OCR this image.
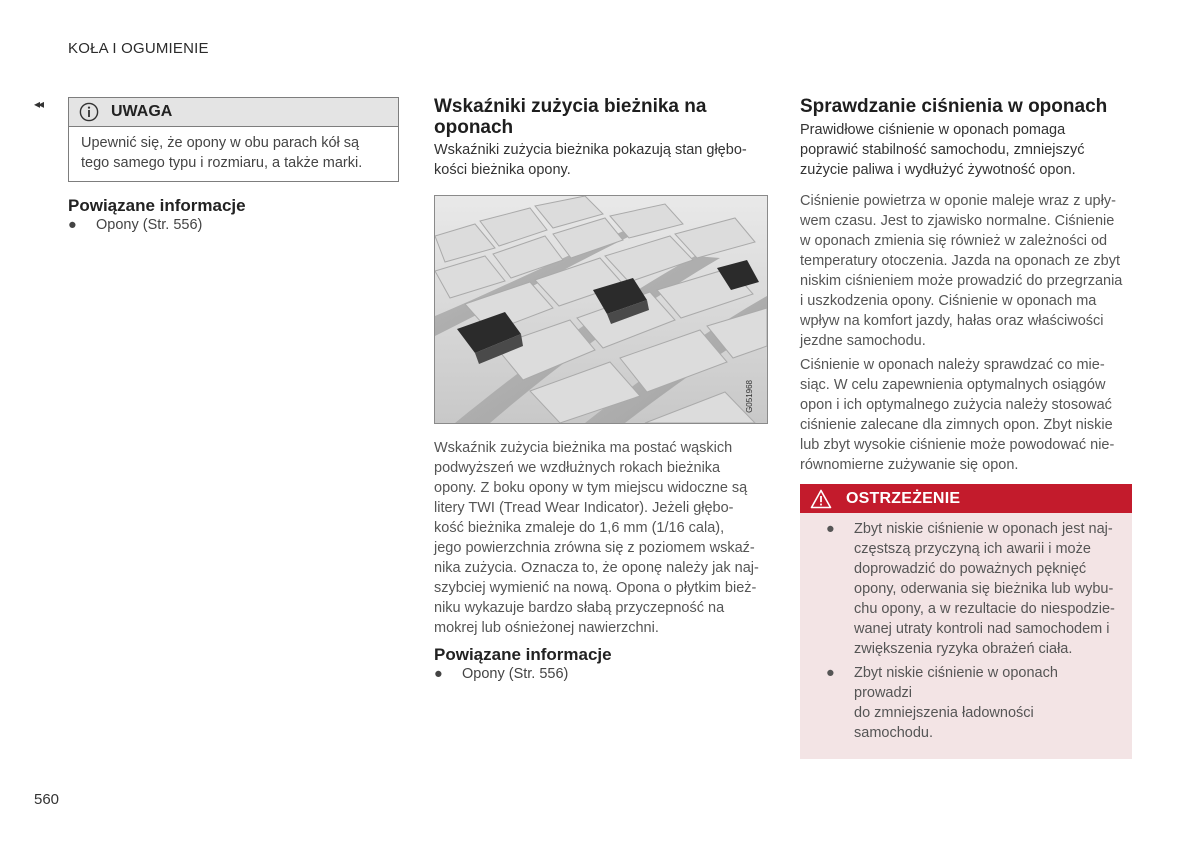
KOŁA I OGUMIENIE
◂◂
560
UWAGA
Upewnić się, że opony w obu parach kół są
tego samego typu i rozmiaru, a także marki.
Powiązane informacje
●	Opony (Str. 556)
Wskaźniki zużycia bieżnika na
oponach
Wskaźniki zużycia bieżnika pokazują stan głębo-
kości bieżnika opony.
G051968
Wskaźnik zużycia bieżnika ma postać wąskich
podwyższeń we wzdłużnych rokach bieżnika
opony. Z boku opony w tym miejscu widoczne są
litery TWI (Tread Wear Indicator). Jeżeli głębo-
kość bieżnika zmaleje do 1,6 mm (1/16 cala),
jego powierzchnia zrówna się z poziomem wskaź-
nika zużycia. Oznacza to, że oponę należy jak naj-
szybciej wymienić na nową. Opona o płytkim bież-
niku wykazuje bardzo słabą przyczepność na
mokrej lub ośnieżonej nawierzchni.
Powiązane informacje
●	Opony (Str. 556)
Sprawdzanie ciśnienia w oponach
Prawidłowe ciśnienie w oponach pomaga
poprawić stabilność samochodu, zmniejszyć
zużycie paliwa i wydłużyć żywotność opon.
Ciśnienie powietrza w oponie maleje wraz z upły-
wem czasu. Jest to zjawisko normalne. Ciśnienie
w oponach zmienia się również w zależności od
temperatury otoczenia. Jazda na oponach ze zbyt
niskim ciśnieniem może prowadzić do przegrzania
i uszkodzenia opony. Ciśnienie w oponach ma
wpływ na komfort jazdy, hałas oraz właściwości
jezdne samochodu.
Ciśnienie w oponach należy sprawdzać co mie-
siąc. W celu zapewnienia optymalnych osiągów
opon i ich optymalnego zużycia należy stosować
ciśnienie zalecane dla zimnych opon. Zbyt niskie
lub zbyt wysokie ciśnienie może powodować nie-
równomierne zużywanie się opon.
OSTRZEŻENIE
●	Zbyt niskie ciśnienie w oponach jest naj-
częstszą przyczyną ich awarii i może
doprowadzić do poważnych pęknięć
opony, oderwania się bieżnika lub wybu-
chu opony, a w rezultacie do niespodzie-
wanej utraty kontroli nad samochodem i
zwiększenia ryzyka obrażeń ciała.
●	Zbyt niskie ciśnienie w oponach prowadzi
do zmniejszenia ładowności samochodu.
